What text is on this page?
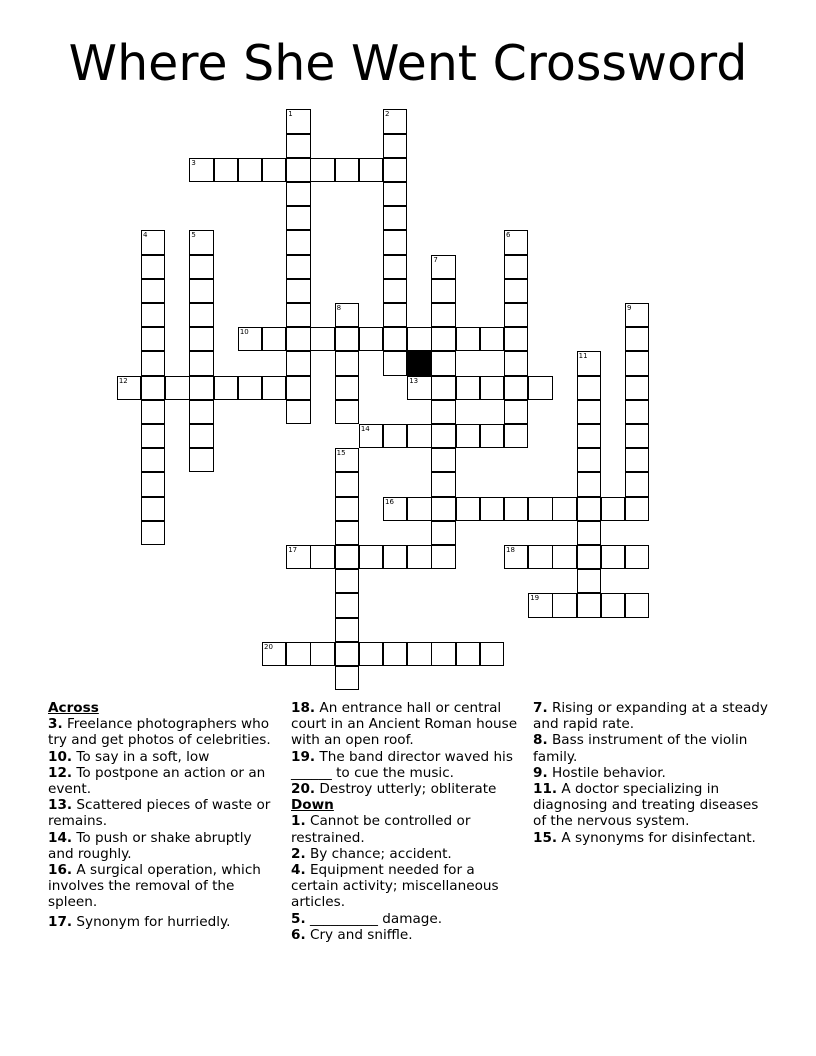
Where She Went Crossword
1	2
3
4	5	6
7
8	9
10
11
12	13
14
15
16
17	18
19
20
Across
3. Freelance photographers who try and get photos of celebrities.
10. To say in a soft, low
12. To postpone an action or an event.
13. Scattered pieces of waste or remains.
14. To push or shake abruptly and roughly.
16. A surgical operation, which involves the removal of the spleen.
17. Synonym for hurriedly.
18. An entrance hall or central court in an Ancient Roman house with an open roof.
19. The band director waved his ______ to cue the music.
20. Destroy utterly; obliterate
Down
1. Cannot be controlled or restrained.
2. By chance; accident.
4. Equipment needed for a certain activity; miscellaneous articles.
5. __________ damage.
6. Cry and sniffle.
7. Rising or expanding at a steady and rapid rate.
8. Bass instrument of the violin family.
9. Hostile behavior.
11. A doctor specializing in diagnosing and treating diseases of the nervous system.
15. A synonyms for disinfectant.
